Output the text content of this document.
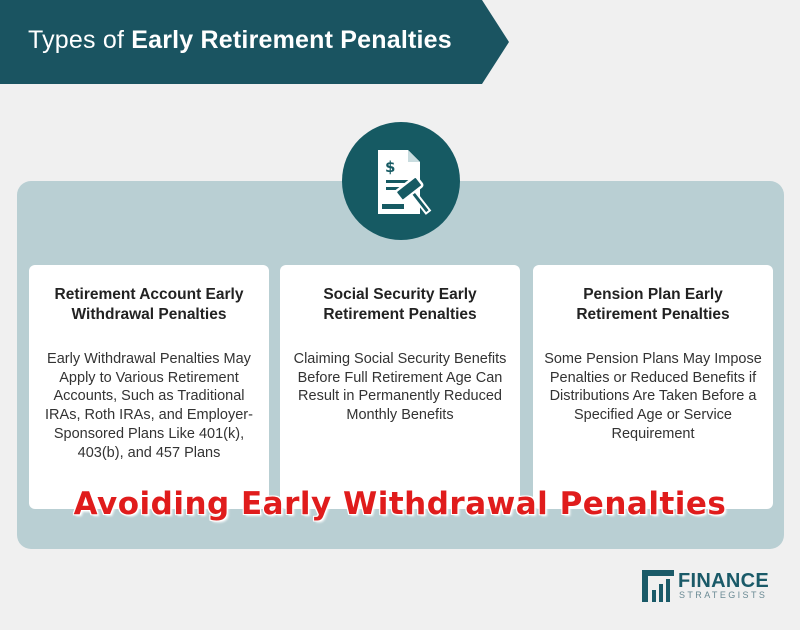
Types of Early Retirement Penalties
$
Retirement Account Early Withdrawal Penalties
Early Withdrawal Penalties May Apply to Various Retirement Accounts, Such as Traditional IRAs, Roth IRAs, and Employer-Sponsored Plans Like 401(k), 403(b), and 457 Plans
Social Security Early Retirement Penalties
Claiming Social Security Benefits Before Full Retirement Age Can Result in Permanently Reduced Monthly Benefits
Pension Plan Early Retirement Penalties
Some Pension Plans May Impose Penalties or Reduced Benefits if Distributions Are Taken Before a Specified Age or Service Requirement
Avoiding Early Withdrawal Penalties
FINANCE
STRATEGISTS
